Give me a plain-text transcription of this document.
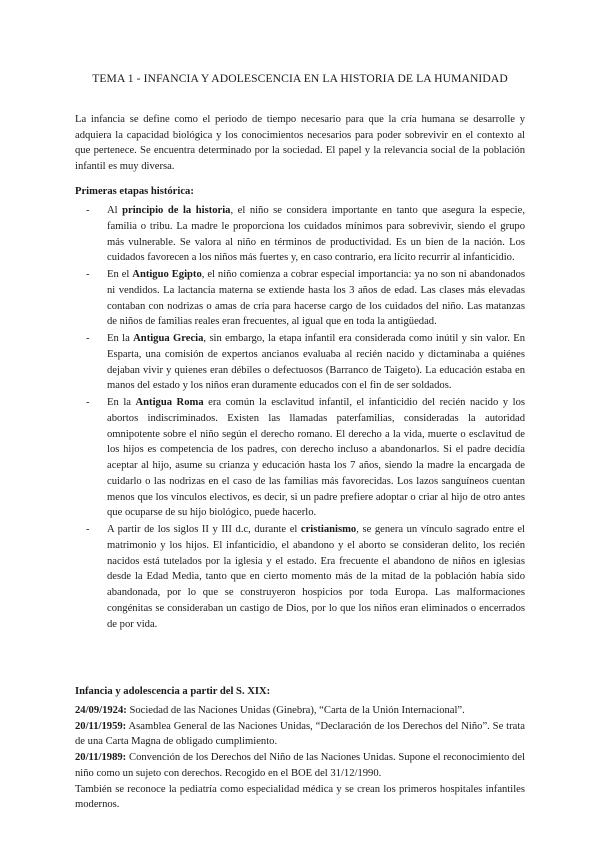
TEMA 1 - INFANCIA Y ADOLESCENCIA EN LA HISTORIA DE LA HUMANIDAD

La infancia se define como el periodo de tiempo necesario para que la cría humana se desarrolle y adquiera la capacidad biológica y los conocimientos necesarios para poder sobrevivir en el contexto al que pertenece. Se encuentra determinado por la sociedad. El papel y la relevancia social de la población infantil es muy diversa.

Primeras etapas histórica:
- Al principio de la historia, el niño se considera importante en tanto que asegura la especie, familia o tribu. La madre le proporciona los cuidados mínimos para sobrevivir, siendo el grupo más vulnerable. Se valora al niño en términos de productividad. Es un bien de la nación. Los cuidados favorecen a los niños más fuertes y, en caso contrario, era lícito recurrir al infanticidio.
- En el Antiguo Egipto, el niño comienza a cobrar especial importancia: ya no son ni abandonados ni vendidos. La lactancia materna se extiende hasta los 3 años de edad. Las clases más elevadas contaban con nodrizas o amas de cría para hacerse cargo de los cuidados del niño. Las matanzas de niños de familias reales eran frecuentes, al igual que en toda la antigüedad.
- En la Antigua Grecia, sin embargo, la etapa infantil era considerada como inútil y sin valor. En Esparta, una comisión de expertos ancianos evaluaba al recién nacido y dictaminaba a quiénes dejaban vivir y quienes eran débiles o defectuosos (Barranco de Taigeto). La educación estaba en manos del estado y los niños eran duramente educados con el fin de ser soldados.
- En la Antigua Roma era común la esclavitud infantil, el infanticidio del recién nacido y los abortos indiscriminados. Existen las llamadas paterfamilias, consideradas la autoridad omnipotente sobre el niño según el derecho romano. El derecho a la vida, muerte o esclavitud de los hijos es competencia de los padres, con derecho incluso a abandonarlos. Si el padre decidía aceptar al hijo, asume su crianza y educación hasta los 7 años, siendo la madre la encargada de cuidarlo o las nodrizas en el caso de las familias más favorecidas. Los lazos sanguíneos cuentan menos que los vínculos electivos, es decir, si un padre prefiere adoptar o criar al hijo de otro antes que ocuparse de su hijo biológico, puede hacerlo.
- A partir de los siglos II y III d.c, durante el cristianismo, se genera un vínculo sagrado entre el matrimonio y los hijos. El infanticidio, el abandono y el aborto se consideran delito, los recién nacidos está tutelados por la iglesia y el estado. Era frecuente el abandono de niños en iglesias desde la Edad Media, tanto que en cierto momento más de la mitad de la población había sido abandonada, por lo que se construyeron hospicios por toda Europa. Las malformaciones congénitas se consideraban un castigo de Dios, por lo que los niños eran eliminados o encerrados de por vida.
Infancia y adolescencia a partir del S. XIX:

24/09/1924: Sociedad de las Naciones Unidas (Ginebra), “Carta de la Unión Internacional”.

20/11/1959: Asamblea General de las Naciones Unidas, “Declaración de los Derechos del Niño”. Se trata de una Carta Magna de obligado cumplimiento.

20/11/1989: Convención de los Derechos del Niño de las Naciones Unidas. Supone el reconocimiento del niño como un sujeto con derechos. Recogido en el BOE del 31/12/1990.

También se reconoce la pediatría como especialidad médica y se crean los primeros hospitales infantiles modernos.
